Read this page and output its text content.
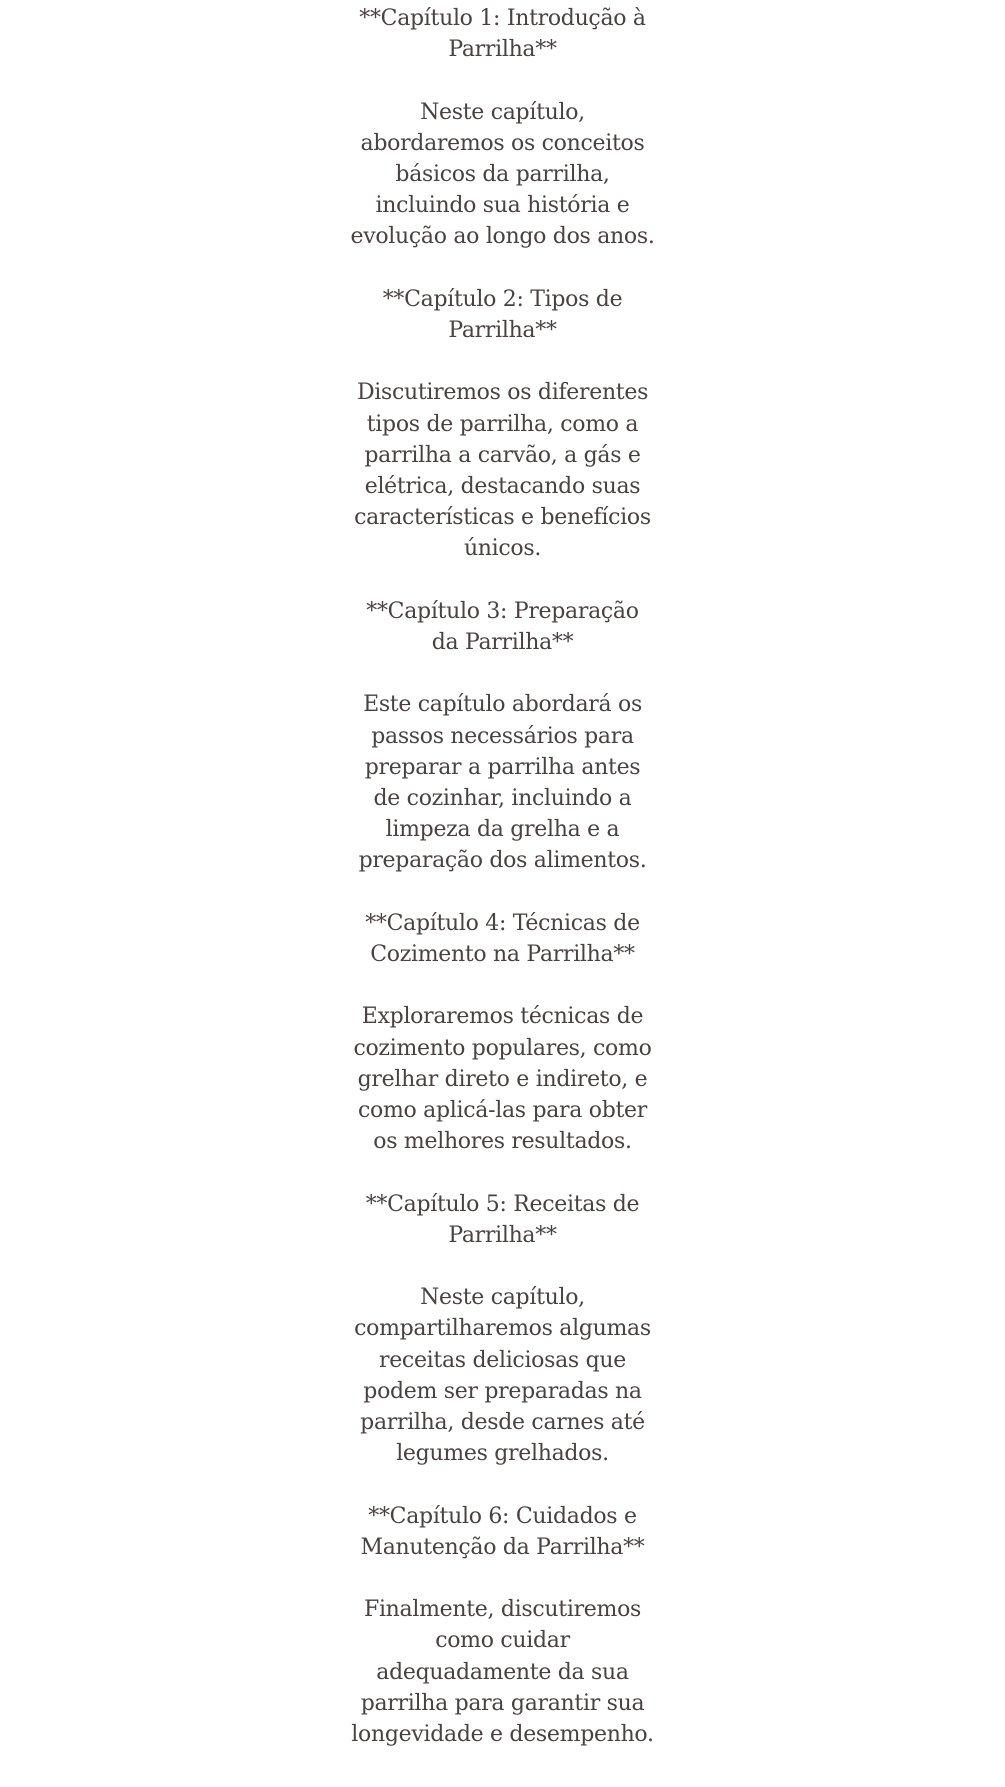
**Capítulo 1: Introdução à Parrilha**

Neste capítulo, abordaremos os conceitos básicos da parrilha, incluindo sua história e evolução ao longo dos anos.

**Capítulo 2: Tipos de Parrilha**

Discutiremos os diferentes tipos de parrilha, como a parrilha a carvão, a gás e elétrica, destacando suas características e benefícios únicos.

**Capítulo 3: Preparação da Parrilha**

Este capítulo abordará os passos necessários para preparar a parrilha antes de cozinhar, incluindo a limpeza da grelha e a preparação dos alimentos.

**Capítulo 4: Técnicas de Cozimento na Parrilha**

Exploraremos técnicas de cozimento populares, como grelhar direto e indireto, e como aplicá-las para obter os melhores resultados.

**Capítulo 5: Receitas de Parrilha**

Neste capítulo, compartilharemos algumas receitas deliciosas que podem ser preparadas na parrilha, desde carnes até legumes grelhados.

**Capítulo 6: Cuidados e Manutenção da Parrilha**

Finalmente, discutiremos como cuidar adequadamente da sua parrilha para garantir sua longevidade e desempenho.
